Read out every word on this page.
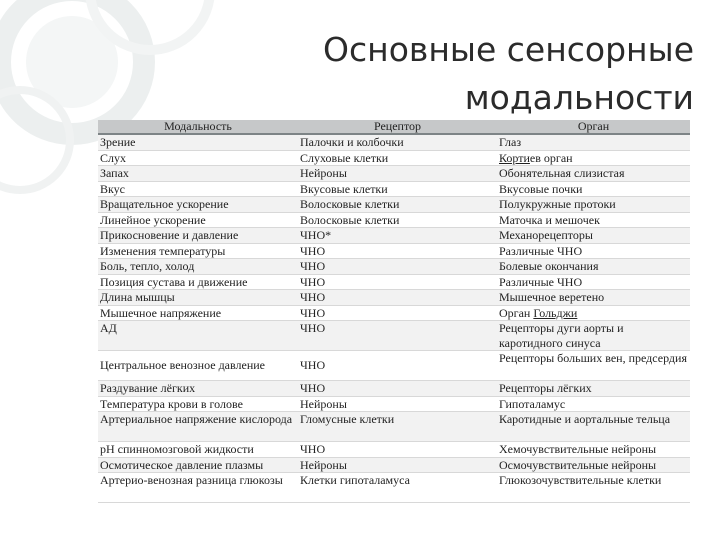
Основные сенсорные
модальности
Модальность	Рецептор	Орган
Зрение	Палочки и колбочки	Глаз
Слух	Слуховые клетки	Кортиев орган
Запах	Нейроны	Обонятельная слизистая
Вкус	Вкусовые клетки	Вкусовые почки
Вращательное ускорение	Волосковые клетки	Полукружные протоки
Линейное ускорение	Волосковые клетки	Маточка и мешочек
Прикосновение и давление	ЧНО*	Механорецепторы
Изменения температуры	ЧНО	Различные ЧНО
Боль, тепло, холод	ЧНО	Болевые окончания
Позиция сустава и движение	ЧНО	Различные ЧНО
Длина мышцы	ЧНО	Мышечное веретено
Мышечное напряжение	ЧНО	Орган Гольджи
АД	ЧНО	Рецепторы дуги аорты и каротидного синуса
Центральное венозное давление	ЧНО	Рецепторы больших вен, предсердия
Раздувание лёгких	ЧНО	Рецепторы лёгких
Температура крови в голове	Нейроны	Гипоталамус
Артериальное напряжение кислорода	Гломусные клетки	Каротидные и аортальные тельца
pH спинномозговой жидкости	ЧНО	Хемочувствительные нейроны
Осмотическое давление плазмы	Нейроны	Осмочувствительные нейроны
Артерио-венозная разница глюкозы	Клетки гипоталамуса	Глюкозочувствительные клетки
